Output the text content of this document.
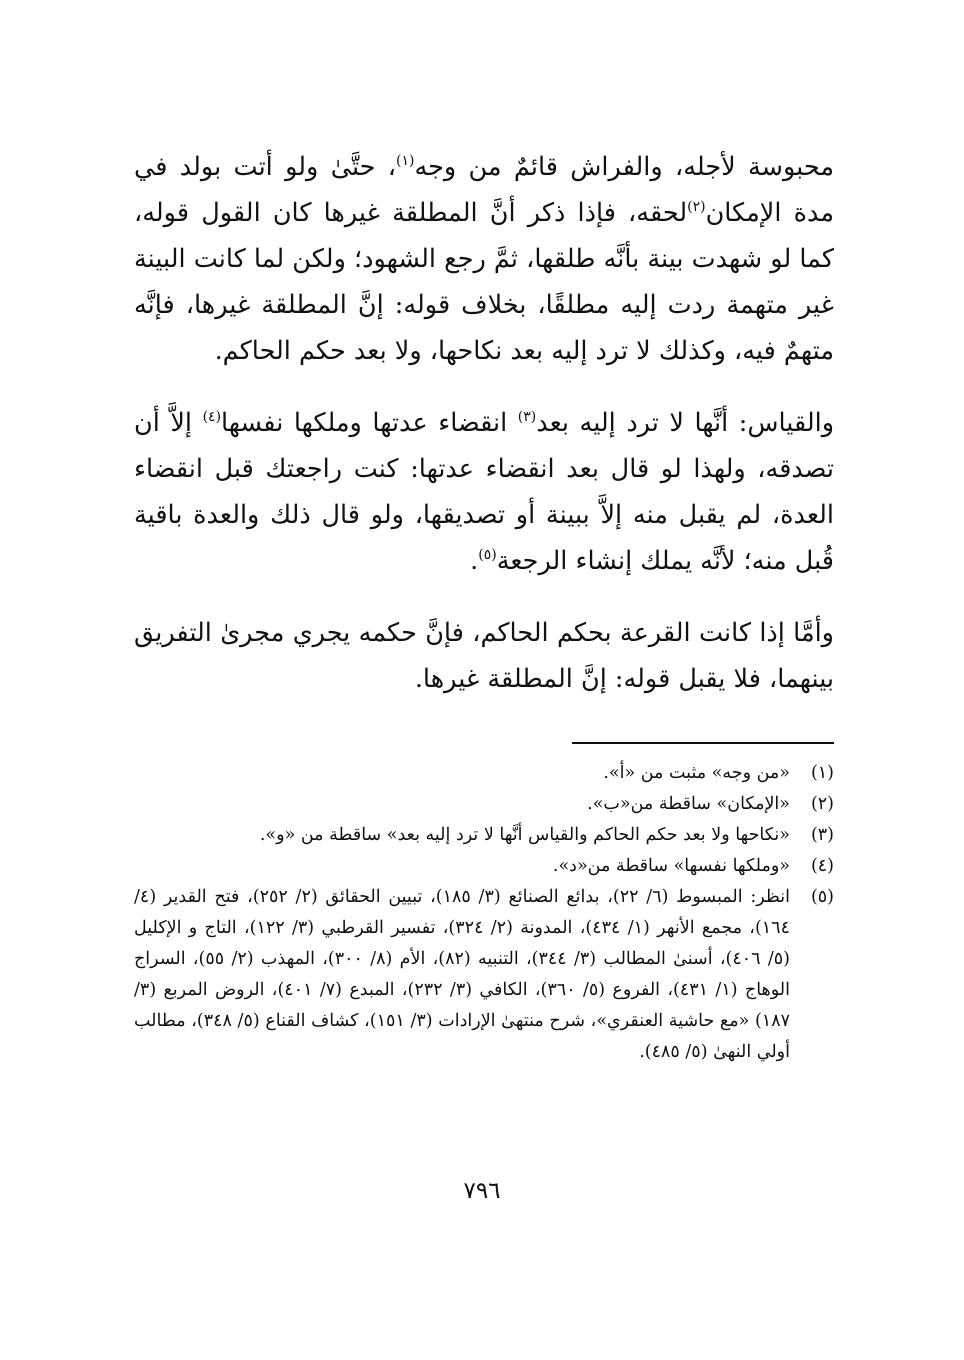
محبوسة لأجله، والفراش قائمٌ من وجه$^{(١)}$، حتَّىٰ ولو أتت بولد في مدة الإمكان$^{(٢)}$لحقه، فإذا ذكر أنَّ المطلقة غيرها كان القول قوله، كما لو شهدت بينة بأنَّه طلقها، ثمَّ رجع الشهود؛ ولكن لما كانت البينة غير متهمة ردت إليه مطلقًا، بخلاف قوله: إنَّ المطلقة غيرها، فإنَّه متهمٌ فيه، وكذلك لا ترد إليه بعد نكاحها، ولا بعد حكم الحاكم.

والقياس: أنَّها لا ترد إليه بعد$^{(٣)}$ انقضاء عدتها وملكها نفسها$^{(٤)}$ إلاَّ أن تصدقه، ولهذا لو قال بعد انقضاء عدتها: كنت راجعتك قبل انقضاء العدة، لم يقبل منه إلاَّ ببينة أو تصديقها، ولو قال ذلك والعدة باقية قُبل منه؛ لأنَّه يملك إنشاء الرجعة$^{(٥)}$.

وأمَّا إذا كانت القرعة بحكم الحاكم، فإنَّ حكمه يجري مجرىٰ التفريق بينهما، فلا يقبل قوله: إنَّ المطلقة غيرها.

(١)
«من وجه» مثبت من «أ».
(٢)
«الإمكان» ساقطة من«ب».
(٣)
«نكاحها ولا بعد حكم الحاكم والقياس أنَّها لا ترد إليه بعد» ساقطة من «و».
(٤)
«وملكها نفسها» ساقطة من«د».
(٥)
انظر: المبسوط (٦/ ٢٢)، بدائع الصنائع (٣/ ١٨٥)، تبيين الحقائق (٢/ ٢٥٢)، فتح القدير (٤/ ١٦٤)، مجمع الأنهر (١/ ٤٣٤)، المدونة (٢/ ٣٢٤)، تفسير القرطبي (٣/ ١٢٢)، التاج و الإكليل (٥/ ٤٠٦)، أسنىٰ المطالب (٣/ ٣٤٤)، التنبيه (٨٢)، الأم (٨/ ٣٠٠)، المهذب (٢/ ٥٥)، السراج الوهاج (١/ ٤٣١)، الفروع (٥/ ٣٦٠)، الكافي (٣/ ٢٣٢)، المبدع (٧/ ٤٠١)، الروض المربع (٣/ ١٨٧) «مع حاشية العنقري»، شرح منتهىٰ الإرادات (٣/ ١٥١)، كشاف القناع (٥/ ٣٤٨)، مطالب أولي النهىٰ (٥/ ٤٨٥).
٧٩٦
